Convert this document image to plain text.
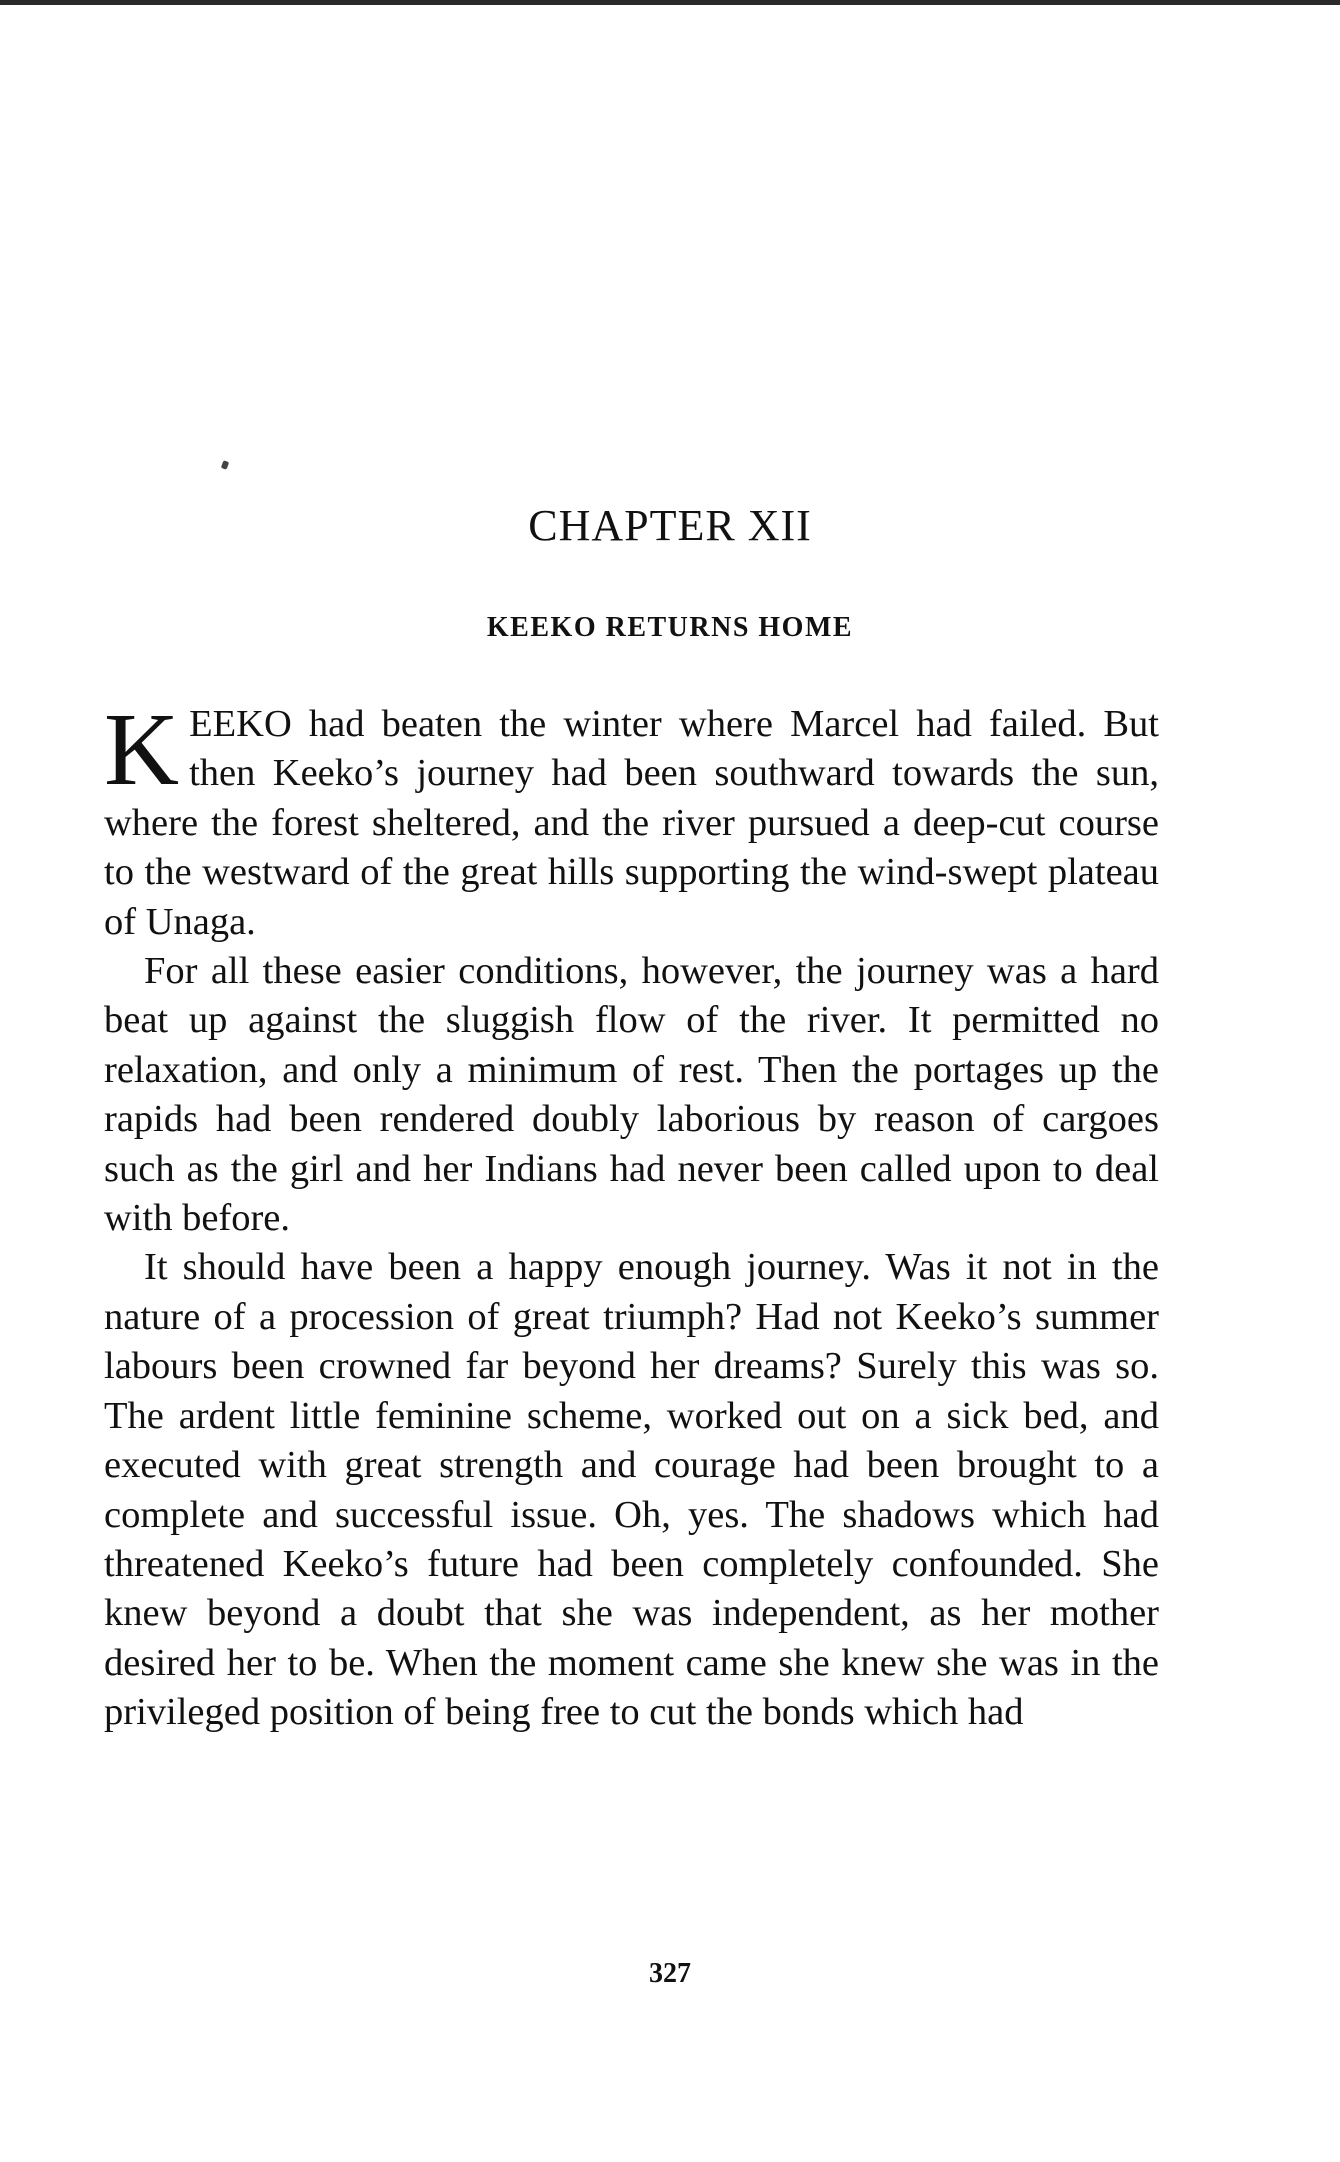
CHAPTER XII
KEEKO RETURNS HOME

KEEKO had beaten the winter where Marcel had failed. But then Keeko’s journey had been southward towards the sun, where the forest sheltered, and the river pursued a deep-cut course to the westward of the great hills supporting the wind-swept plateau of Unaga.

For all these easier conditions, however, the journey was a hard beat up against the sluggish flow of the river. It permitted no relaxation, and only a minimum of rest. Then the portages up the rapids had been rendered doubly laborious by reason of cargoes such as the girl and her Indians had never been called upon to deal with before.

It should have been a happy enough journey. Was it not in the nature of a procession of great triumph? Had not Keeko’s summer labours been crowned far beyond her dreams? Surely this was so. The ardent little feminine scheme, worked out on a sick bed, and executed with great strength and courage had been brought to a complete and successful issue. Oh, yes. The shadows which had threatened Keeko’s future had been completely confounded. She knew beyond a doubt that she was independent, as her mother desired her to be. When the moment came she knew she was in the privileged position of being free to cut the bonds which had

327
